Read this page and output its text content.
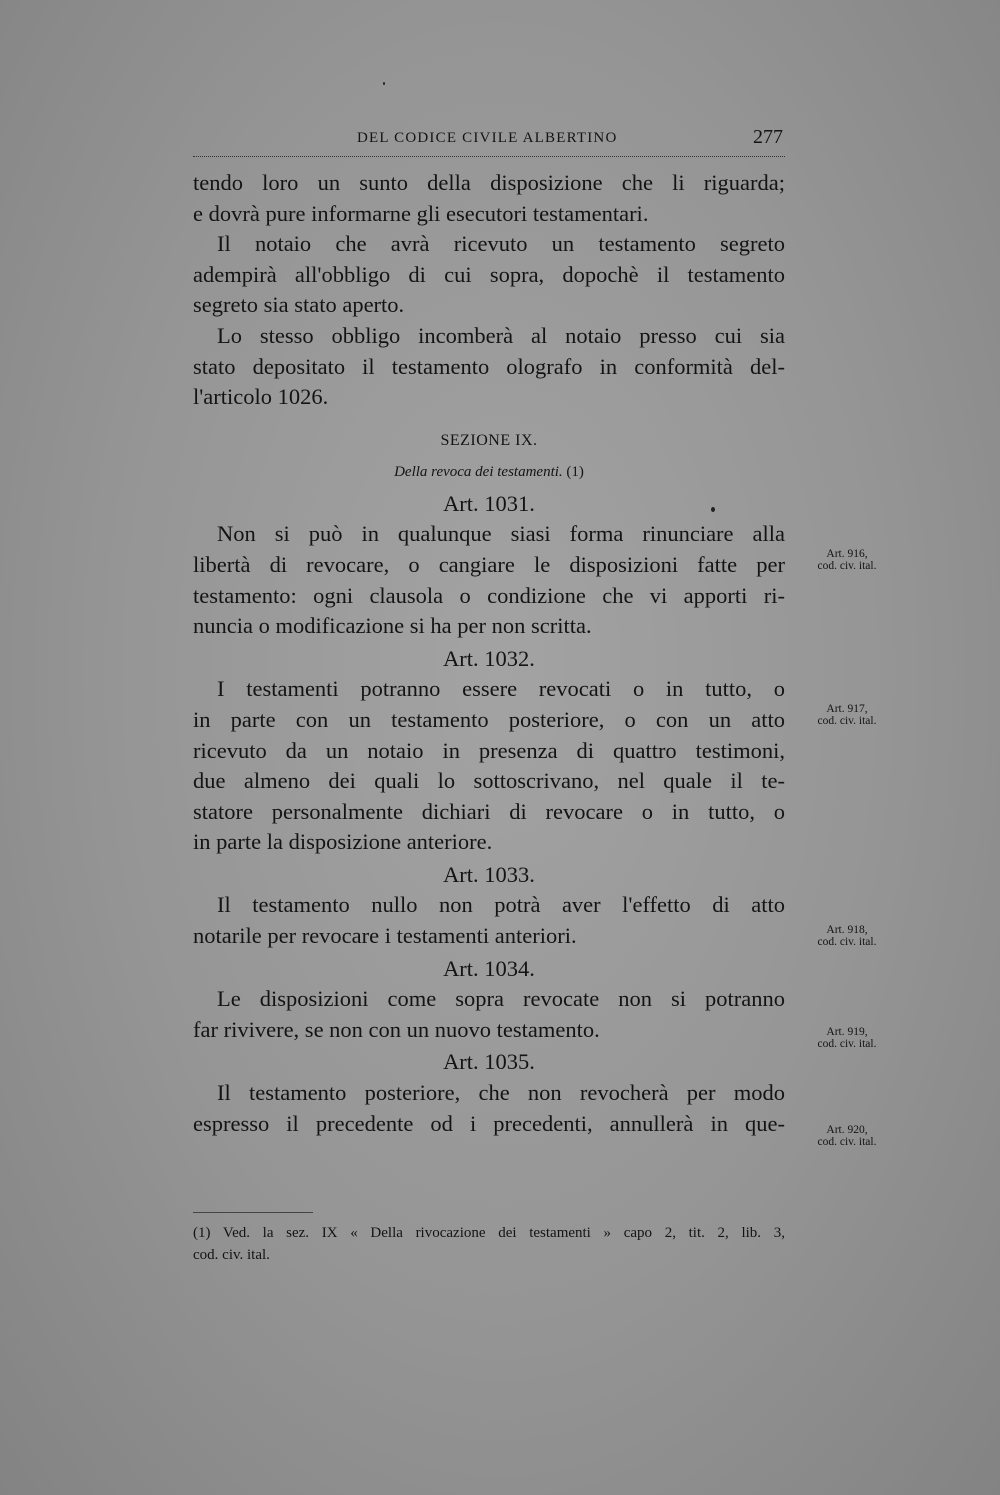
DEL CODICE CIVILE ALBERTINO	277
tendo loro un sunto della disposizione che li riguarda;
e dovrà pure informarne gli esecutori testamentari.
Il notaio che avrà ricevuto un testamento segreto
adempirà all'obbligo di cui sopra, dopochè il testamento
segreto sia stato aperto.
Lo stesso obbligo incomberà al notaio presso cui sia
stato depositato il testamento olografo in conformità del-
l'articolo 1026.
SEZIONE IX.
Della revoca dei testamenti. (1)
Art. 1031.
Non si può in qualunque siasi forma rinunciare alla
libertà di revocare, o cangiare le disposizioni fatte per
testamento: ogni clausola o condizione che vi apporti ri-
nuncia o modificazione si ha per non scritta.
Art. 1032.
I testamenti potranno essere revocati o in tutto, o
in parte con un testamento posteriore, o con un atto
ricevuto da un notaio in presenza di quattro testimoni,
due almeno dei quali lo sottoscrivano, nel quale il te-
statore personalmente dichiari di revocare o in tutto, o
in parte la disposizione anteriore.
Art. 1033.
Il testamento nullo non potrà aver l'effetto di atto
notarile per revocare i testamenti anteriori.
Art. 1034.
Le disposizioni come sopra revocate non si potranno
far rivivere, se non con un nuovo testamento.
Art. 1035.
Il testamento posteriore, che non revocherà per modo
espresso il precedente od i precedenti, annullerà in que-
Art. 916,
cod. civ. ital.
Art. 917,
cod. civ. ital.
Art. 918,
cod. civ. ital.
Art. 919,
cod. civ. ital.
Art. 920,
cod. civ. ital.
(1) Ved. la sez. IX « Della rivocazione dei testamenti » capo 2, tit. 2, lib. 3,
cod. civ. ital.
